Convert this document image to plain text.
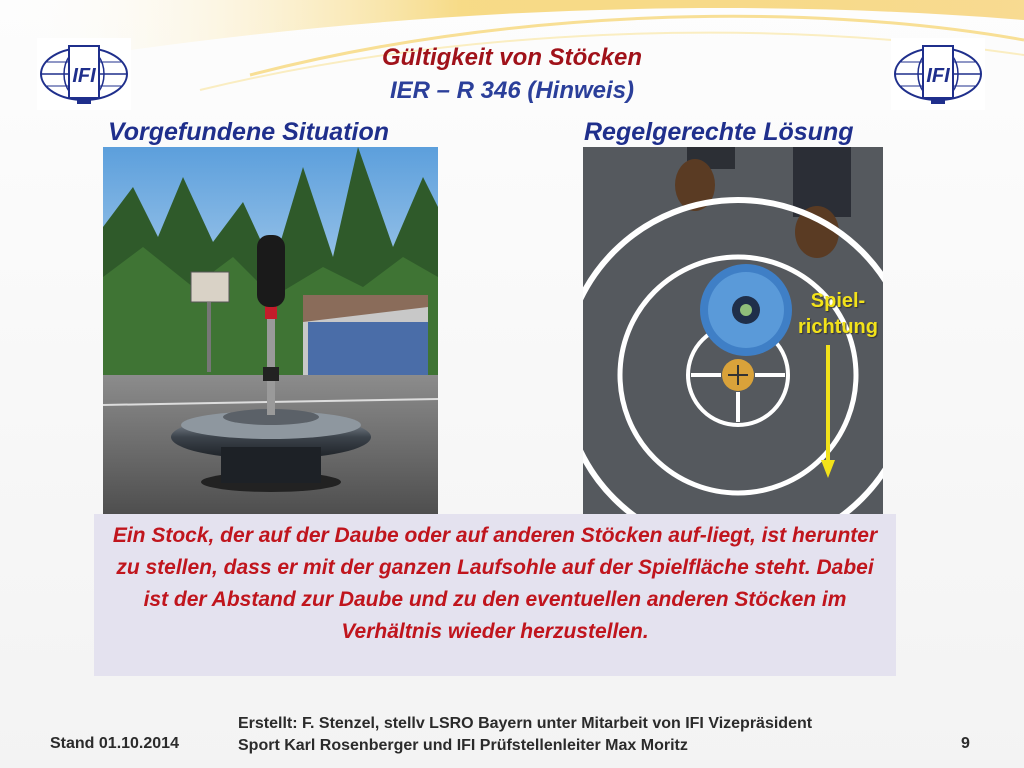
IFI	IFI
Gültigkeit von Stöcken
IER – R 346 (Hinweis)
Vorgefundene Situation	Regelgerechte Lösung
Spiel-
richtung
Ein Stock, der auf der Daube oder auf anderen Stöcken auf-liegt, ist herunter zu stellen, dass er mit der ganzen Laufsohle auf der Spielfläche steht. Dabei ist der Abstand zur Daube und zu den eventuellen anderen Stöcken im Verhältnis wieder herzustellen.
Stand 01.10.2014
Erstellt: F. Stenzel, stellv LSRO Bayern unter Mitarbeit von IFI Vizepräsident
Sport Karl Rosenberger und IFI Prüfstellenleiter Max Moritz	9
